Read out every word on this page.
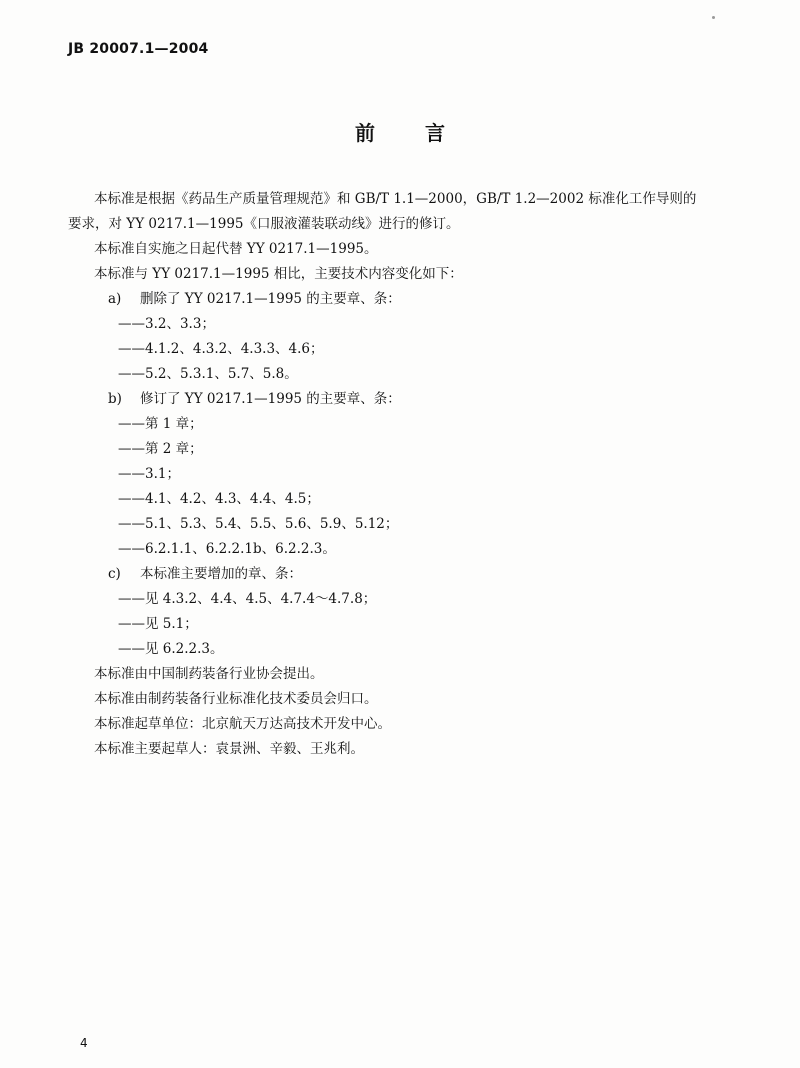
JB 20007.1—2004
前	言
本标准是根据《药品生产质量管理规范》和 GB/T 1.1—2000，GB/T 1.2—2002 标准化工作导则的
要求，对 YY 0217.1—1995《口服液灌装联动线》进行的修订。
本标准自实施之日起代替 YY 0217.1—1995。
本标准与 YY 0217.1—1995 相比，主要技术内容变化如下：
a) 删除了 YY 0217.1—1995 的主要章、条：
——3.2、3.3；
——4.1.2、4.3.2、4.3.3、4.6；
——5.2、5.3.1、5.7、5.8。
b) 修订了 YY 0217.1—1995 的主要章、条：
——第 1 章；
——第 2 章；
——3.1；
——4.1、4.2、4.3、4.4、4.5；
——5.1、5.3、5.4、5.5、5.6、5.9、5.12；
——6.2.1.1、6.2.2.1b、6.2.2.3。
c) 本标准主要增加的章、条：
——见 4.3.2、4.4、4.5、4.7.4～4.7.8；
——见 5.1；
——见 6.2.2.3。
本标准由中国制药装备行业协会提出。
本标准由制药装备行业标准化技术委员会归口。
本标准起草单位：北京航天万达高技术开发中心。
本标准主要起草人：袁景洲、辛毅、王兆利。
4
